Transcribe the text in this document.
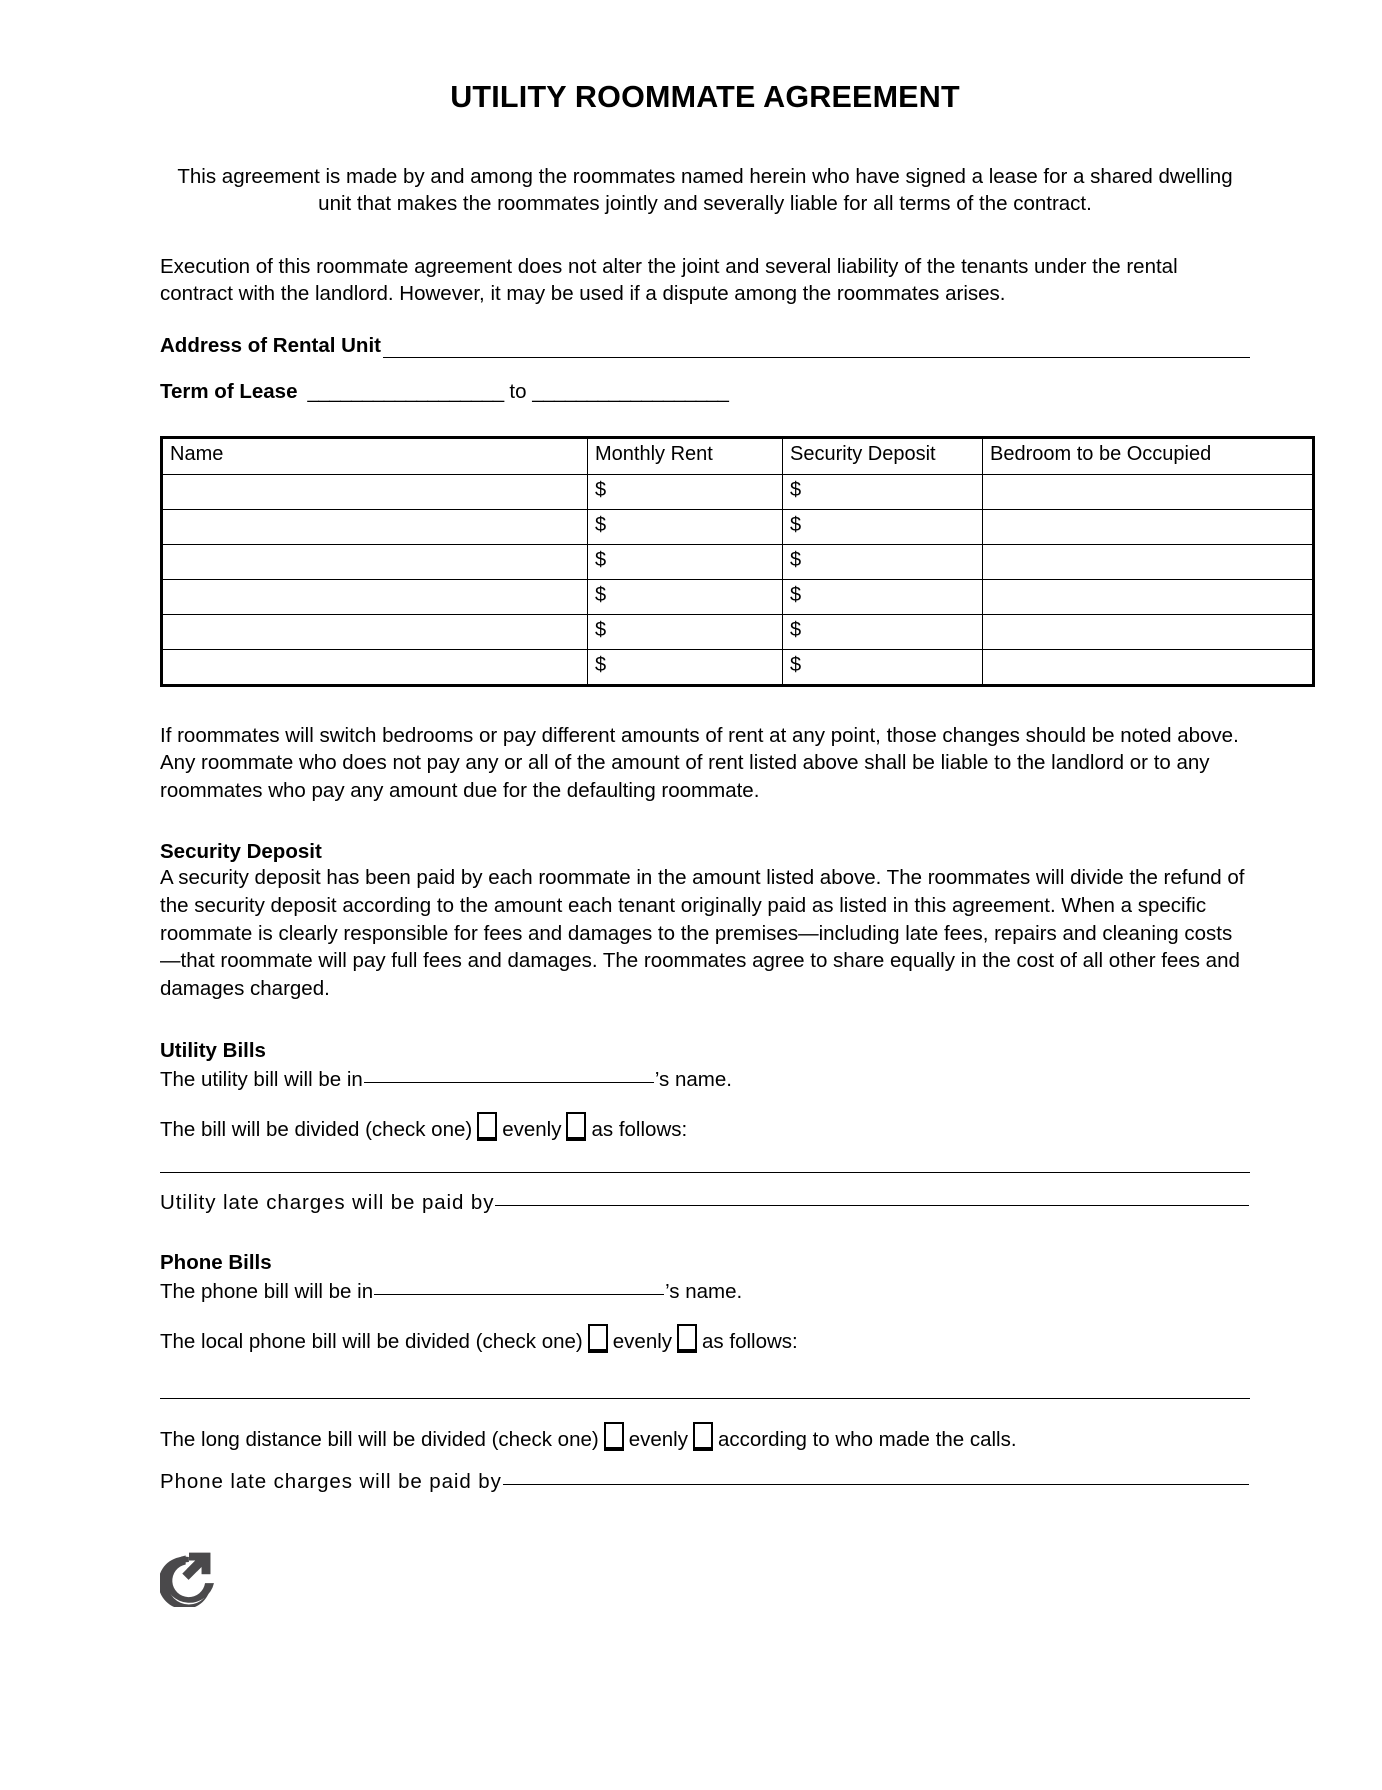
UTILITY ROOMMATE AGREEMENT

This agreement is made by and among the roommates named herein who have signed a lease for a shared dwelling unit that makes the roommates jointly and severally liable for all terms of the contract.

Execution of this roommate agreement does not alter the joint and several liability of the tenants under the rental contract with the landlord. However, it may be used if a dispute among the roommates arises.

Address of Rental Unit
Term of Lease __________________ to __________________
Name	Monthly Rent	Security Deposit	Bedroom to be Occupied
	$	$	
	$	$	
	$	$	
	$	$	
	$	$	
	$	$	

If roommates will switch bedrooms or pay different amounts of rent at any point, those changes should be noted above. Any roommate who does not pay any or all of the amount of rent listed above shall be liable to the landlord or to any roommates who pay any amount due for the defaulting roommate.

Security Deposit

A security deposit has been paid by each roommate in the amount listed above. The roommates will divide the refund of the security deposit according to the amount each tenant originally paid as listed in this agreement. When a specific roommate is clearly responsible for fees and damages to the premises—including late fees, repairs and cleaning costs—that roommate will pay full fees and damages. The roommates agree to share equally in the cost of all other fees and damages charged.

Utility Bills
The utility bill will be in	’s name.
The bill will be divided (check one) evenly as follows:
Utility late charges will be paid by
Phone Bills
The phone bill will be in	’s name.
The local phone bill will be divided (check one) evenly as follows:
The long distance bill will be divided (check one) evenly according to who made the calls.
Phone late charges will be paid by
